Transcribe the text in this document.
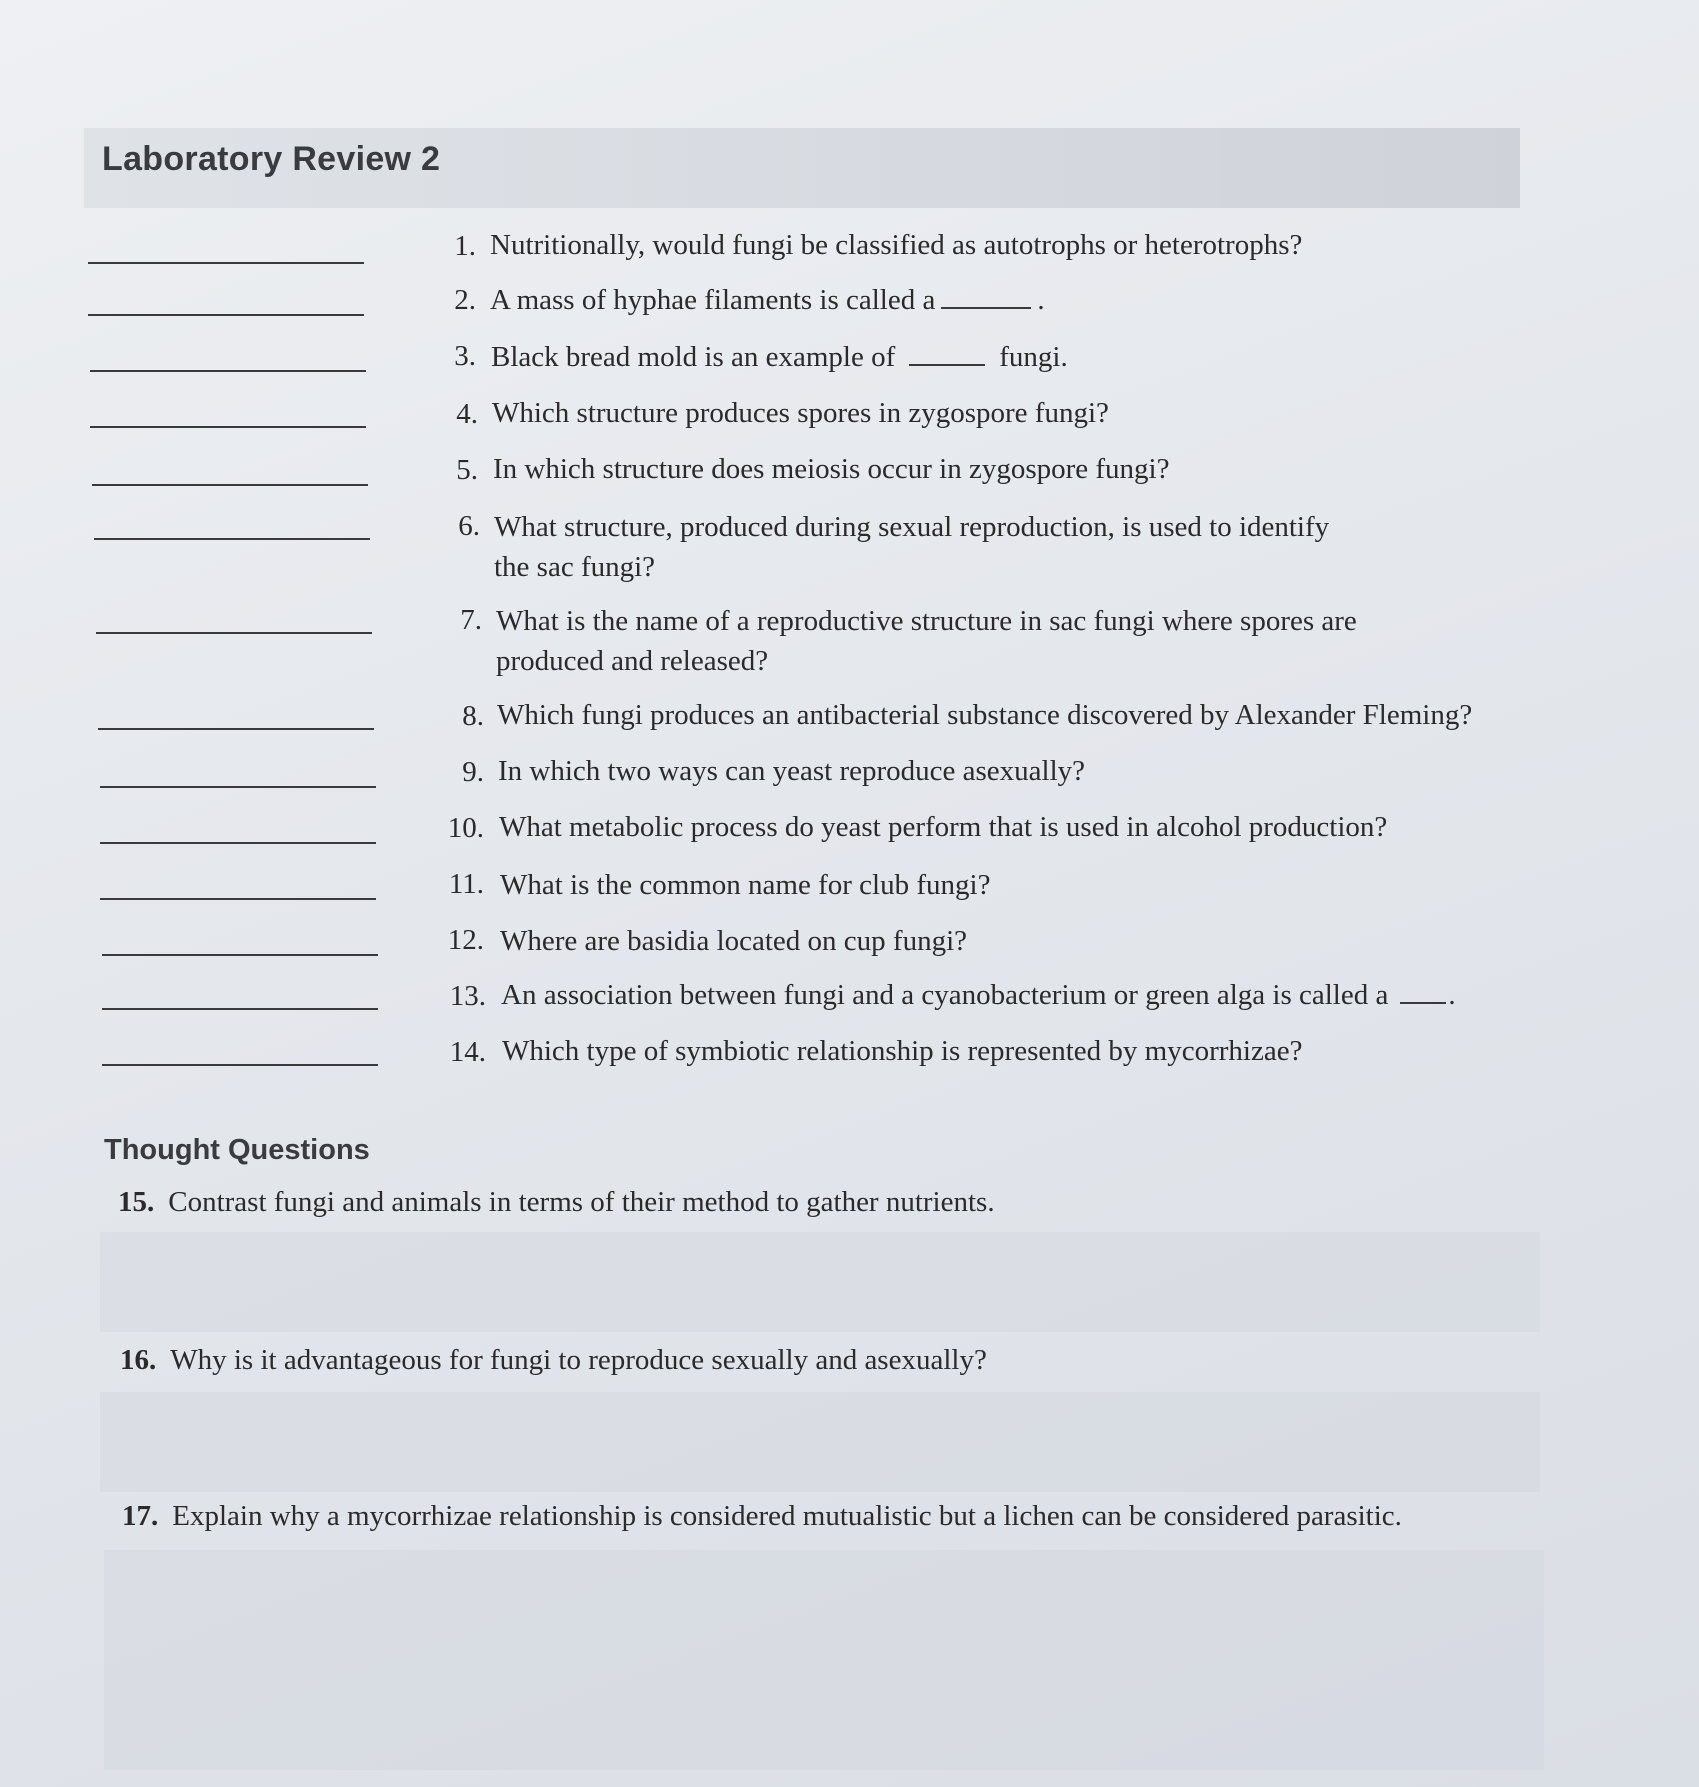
Laboratory Review 2
1. Nutritionally, would fungi be classified as autotrophs or heterotrophs?
2. A mass of hyphae filaments is called a	.
3. Black bread mold is an example of	fungi.
4. Which structure produces spores in zygospore fungi?
5. In which structure does meiosis occur in zygospore fungi?
6. What structure, produced during sexual reproduction, is used to identify
the sac fungi?
7. What is the name of a reproductive structure in sac fungi where spores are
produced and released?
8. Which fungi produces an antibacterial substance discovered by Alexander Fleming?
9. In which two ways can yeast reproduce asexually?
10. What metabolic process do yeast perform that is used in alcohol production?
11. What is the common name for club fungi?
12. Where are basidia located on cup fungi?
13. An association between fungi and a cyanobacterium or green alga is called a .
14. Which type of symbiotic relationship is represented by mycorrhizae?
Thought Questions
15. Contrast fungi and animals in terms of their method to gather nutrients.
16. Why is it advantageous for fungi to reproduce sexually and asexually?
17. Explain why a mycorrhizae relationship is considered mutualistic but a lichen can be considered parasitic.
